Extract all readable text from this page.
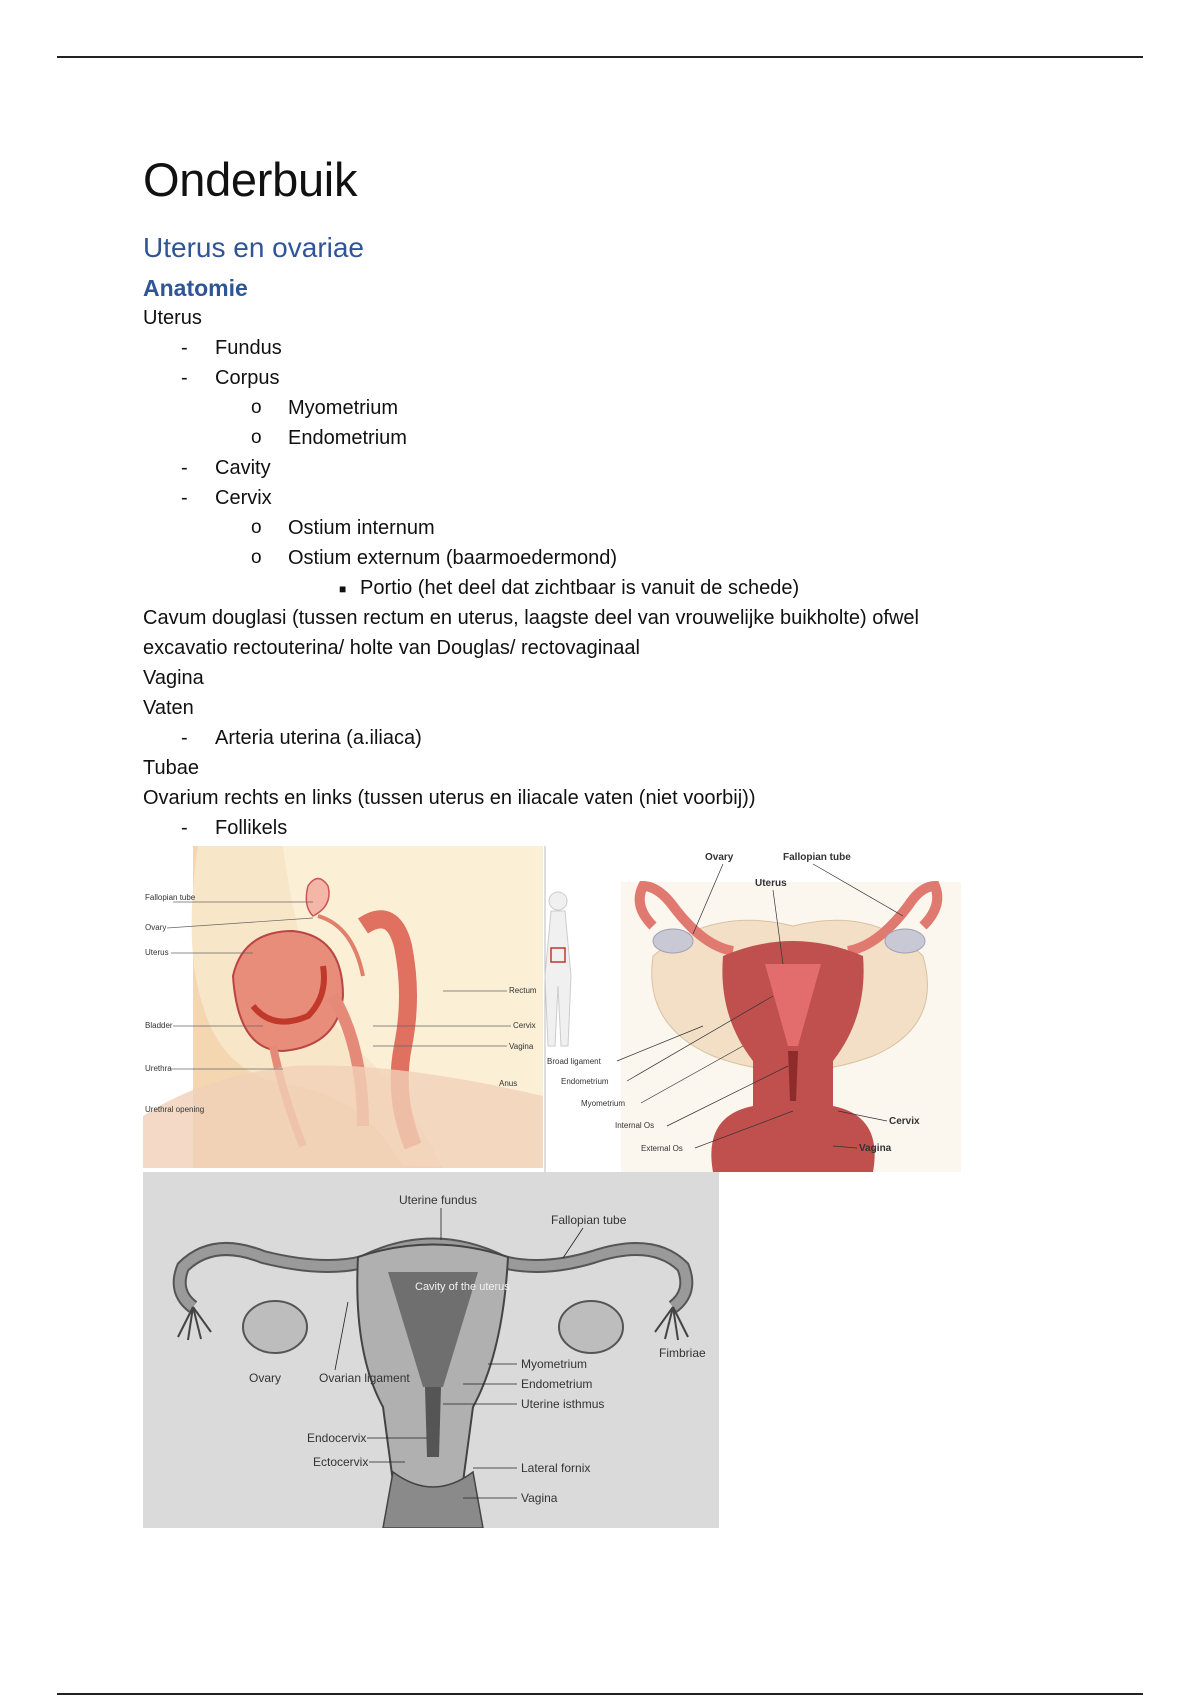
Onderbuik
Uterus en ovariae
Anatomie
Uterus
- Fundus
- Corpus
o Myometrium
o Endometrium
- Cavity
- Cervix
o Ostium internum
o Ostium externum (baarmoedermond)
■ Portio (het deel dat zichtbaar is vanuit de schede)
Cavum douglasi (tussen rectum en uterus, laagste deel van vrouwelijke buikholte) ofwel
excavatio rectouterina/ holte van Douglas/ rectovaginaal
Vagina
Vaten
- Arteria uterina (a.iliaca)
Tubae
Ovarium rechts en links (tussen uterus en iliacale vaten (niet voorbij))
- Follikels
Fallopian tube
Ovary
Uterus
Bladder
Urethra
Urethral opening
Rectum
Cervix
Vagina
Anus
Ovary	Fallopian tube
Uterus
Broad ligament
Endometrium
Myometrium
Internal Os
External Os
Cervix
Vagina
Uterine fundus
Fallopian tube
Cavity of the uterus
Ovary	Ovarian ligament
Endocervix
Ectocervix
Fimbriae
Myometrium
Endometrium
Uterine isthmus
Lateral fornix
Vagina
